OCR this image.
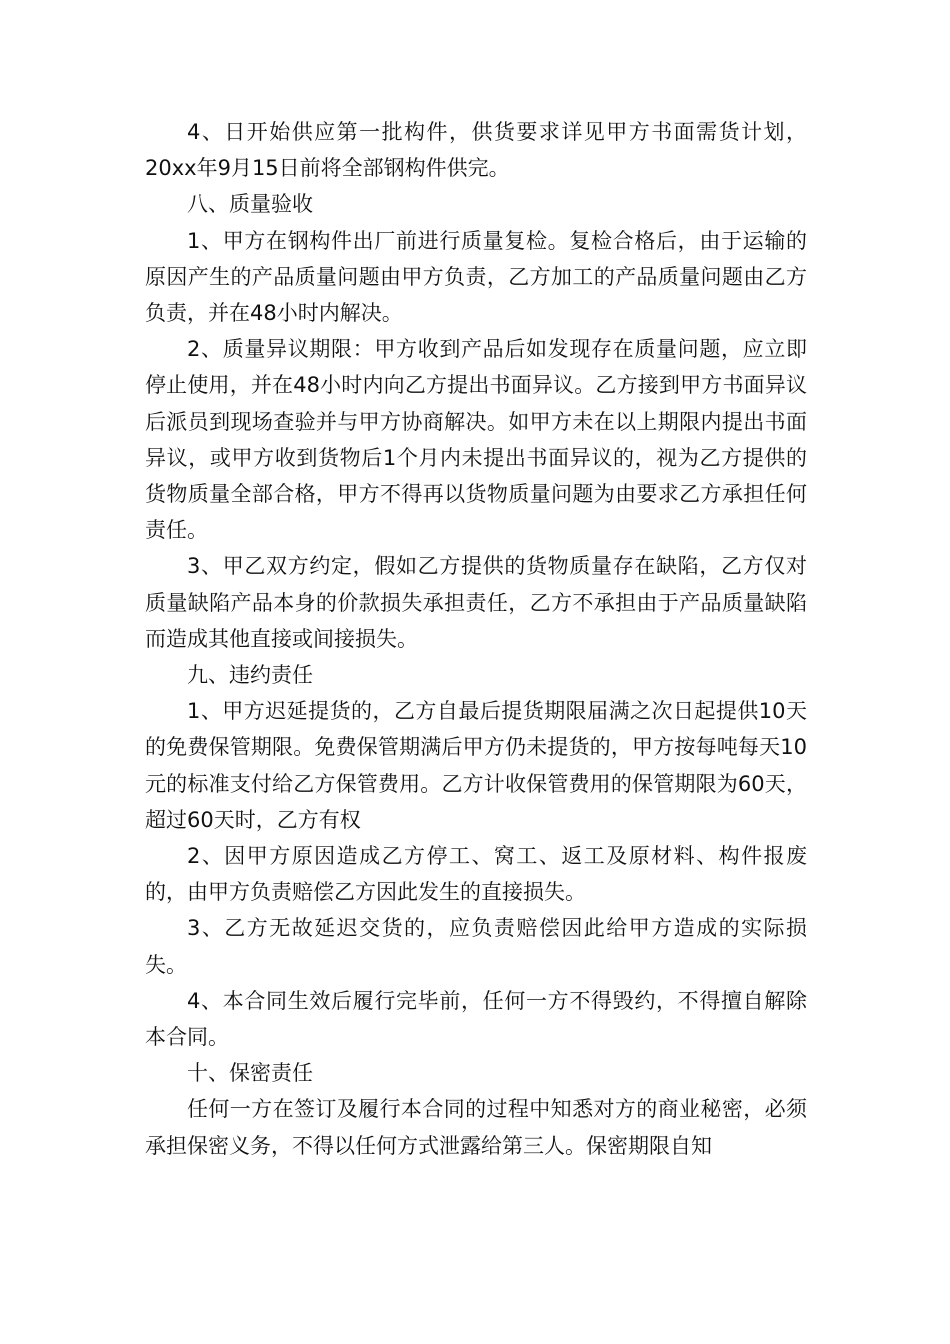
4、日开始供应第一批构件，供货要求详见甲方书面需货计划，20xx年9月15日前将全部钢构件供完。

八、质量验收

1、甲方在钢构件出厂前进行质量复检。复检合格后，由于运输的原因产生的产品质量问题由甲方负责，乙方加工的产品质量问题由乙方负责，并在48小时内解决。

2、质量异议期限：甲方收到产品后如发现存在质量问题，应立即停止使用，并在48小时内向乙方提出书面异议。乙方接到甲方书面异议后派员到现场查验并与甲方协商解决。如甲方未在以上期限内提出书面异议，或甲方收到货物后1个月内未提出书面异议的，视为乙方提供的货物质量全部合格，甲方不得再以货物质量问题为由要求乙方承担任何责任。

3、甲乙双方约定，假如乙方提供的货物质量存在缺陷，乙方仅对质量缺陷产品本身的价款损失承担责任，乙方不承担由于产品质量缺陷而造成其他直接或间接损失。

九、违约责任

1、甲方迟延提货的，乙方自最后提货期限届满之次日起提供10天的免费保管期限。免费保管期满后甲方仍未提货的，甲方按每吨每天10元的标准支付给乙方保管费用。乙方计收保管费用的保管期限为60天，超过60天时，乙方有权

2、因甲方原因造成乙方停工、窝工、返工及原材料、构件报废的，由甲方负责赔偿乙方因此发生的直接损失。

3、乙方无故延迟交货的，应负责赔偿因此给甲方造成的实际损失。

4、本合同生效后履行完毕前，任何一方不得毁约，不得擅自解除本合同。

十、保密责任

任何一方在签订及履行本合同的过程中知悉对方的商业秘密，必须承担保密义务，不得以任何方式泄露给第三人。保密期限自知
